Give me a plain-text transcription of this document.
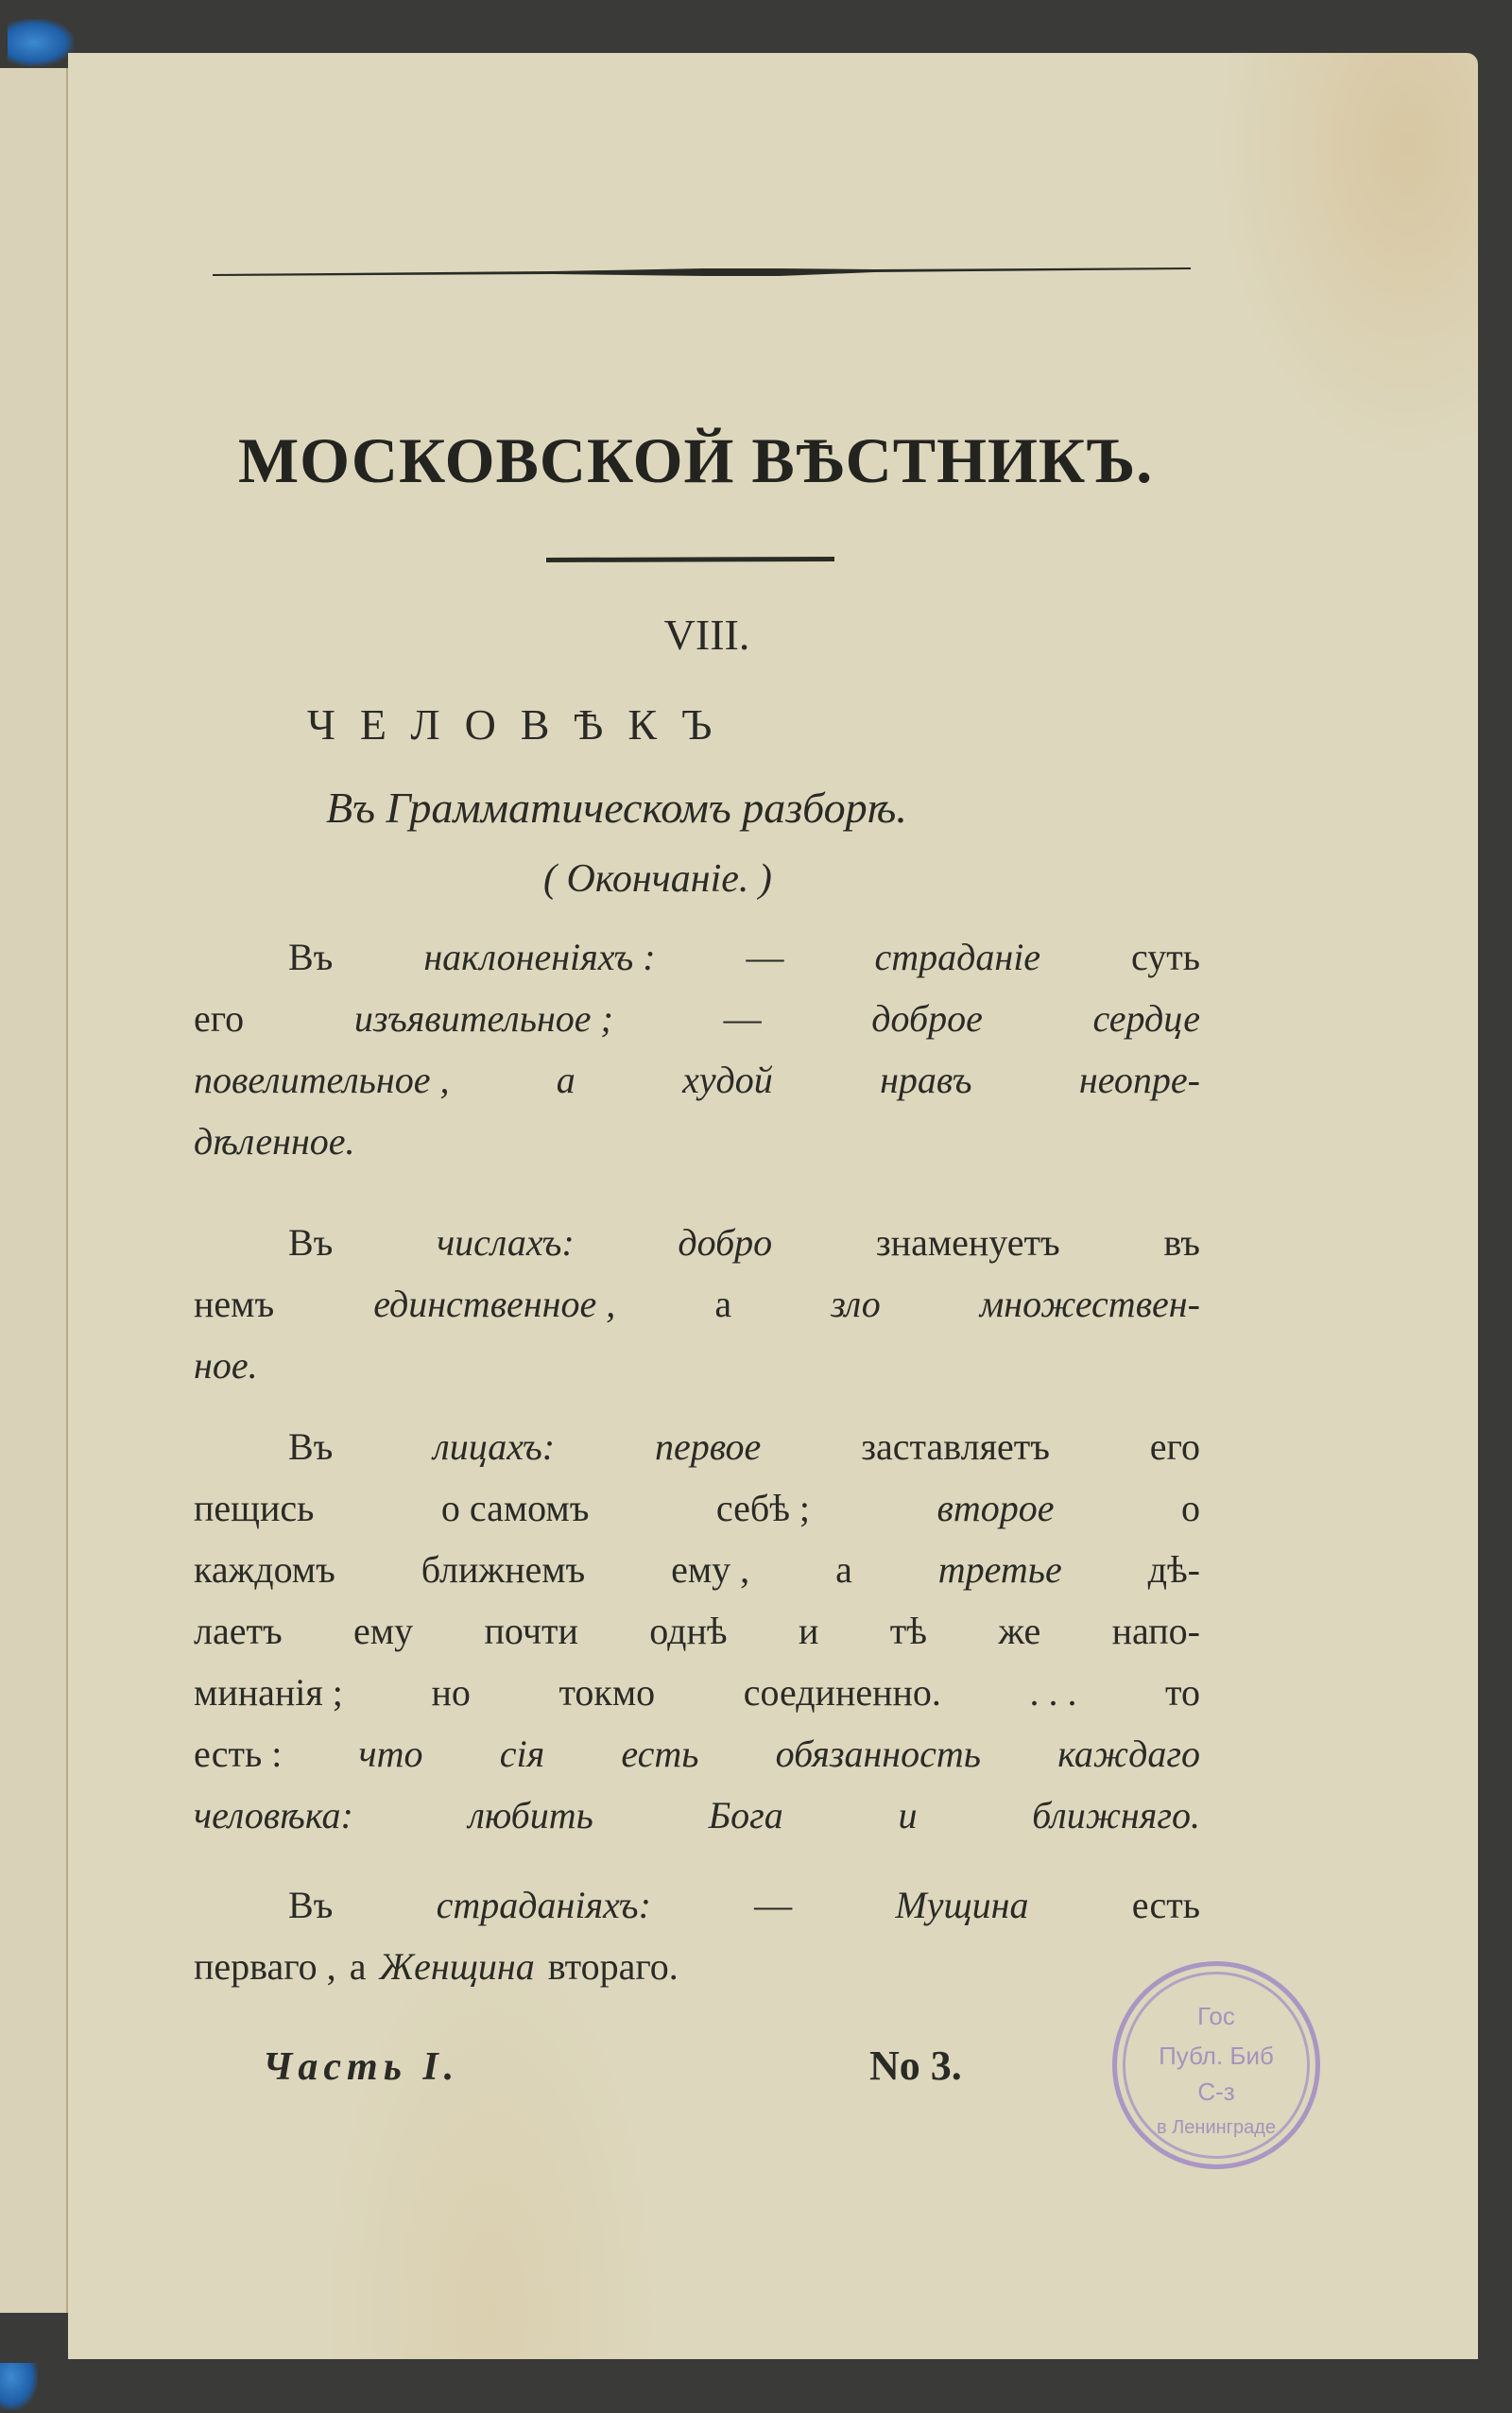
МОСКОВСКОЙ ВѢСТНИКЪ.
VIII.
ЧЕЛОВѢКЪ
Въ Грамматическомъ разборѣ.
( Окончаніе. )
Въ наклоненіяхъ : — страданіе суть
его	изъявительное ;	—	доброе	сердце
повелительное ,	а	худой	нравъ	неопре-
дѣленное.
Въ	числахъ:	добро	знаменуетъ	въ
немъ	единственное ,	а	зло	множествен-
ное.
Въ	лицахъ:	первое	заставляетъ	его
пещись	о самомъ	себѣ ;	второе	о
каждомъ ближнемъ ему , а третье дѣ-
лаетъ ему почти однѣ и тѣ же напо-
минанія ; но токмо соединенно. . . . то
есть : что сія есть обязанность каждаго
человѣка:	любить	Бога	и	ближняго.
Въ	страданіяхъ:	—	Мущина	есть
перваго , а Женщина втораго.
Часть I.	No 3.
Гос
Публ. Биб
С-з
в Ленинграде
